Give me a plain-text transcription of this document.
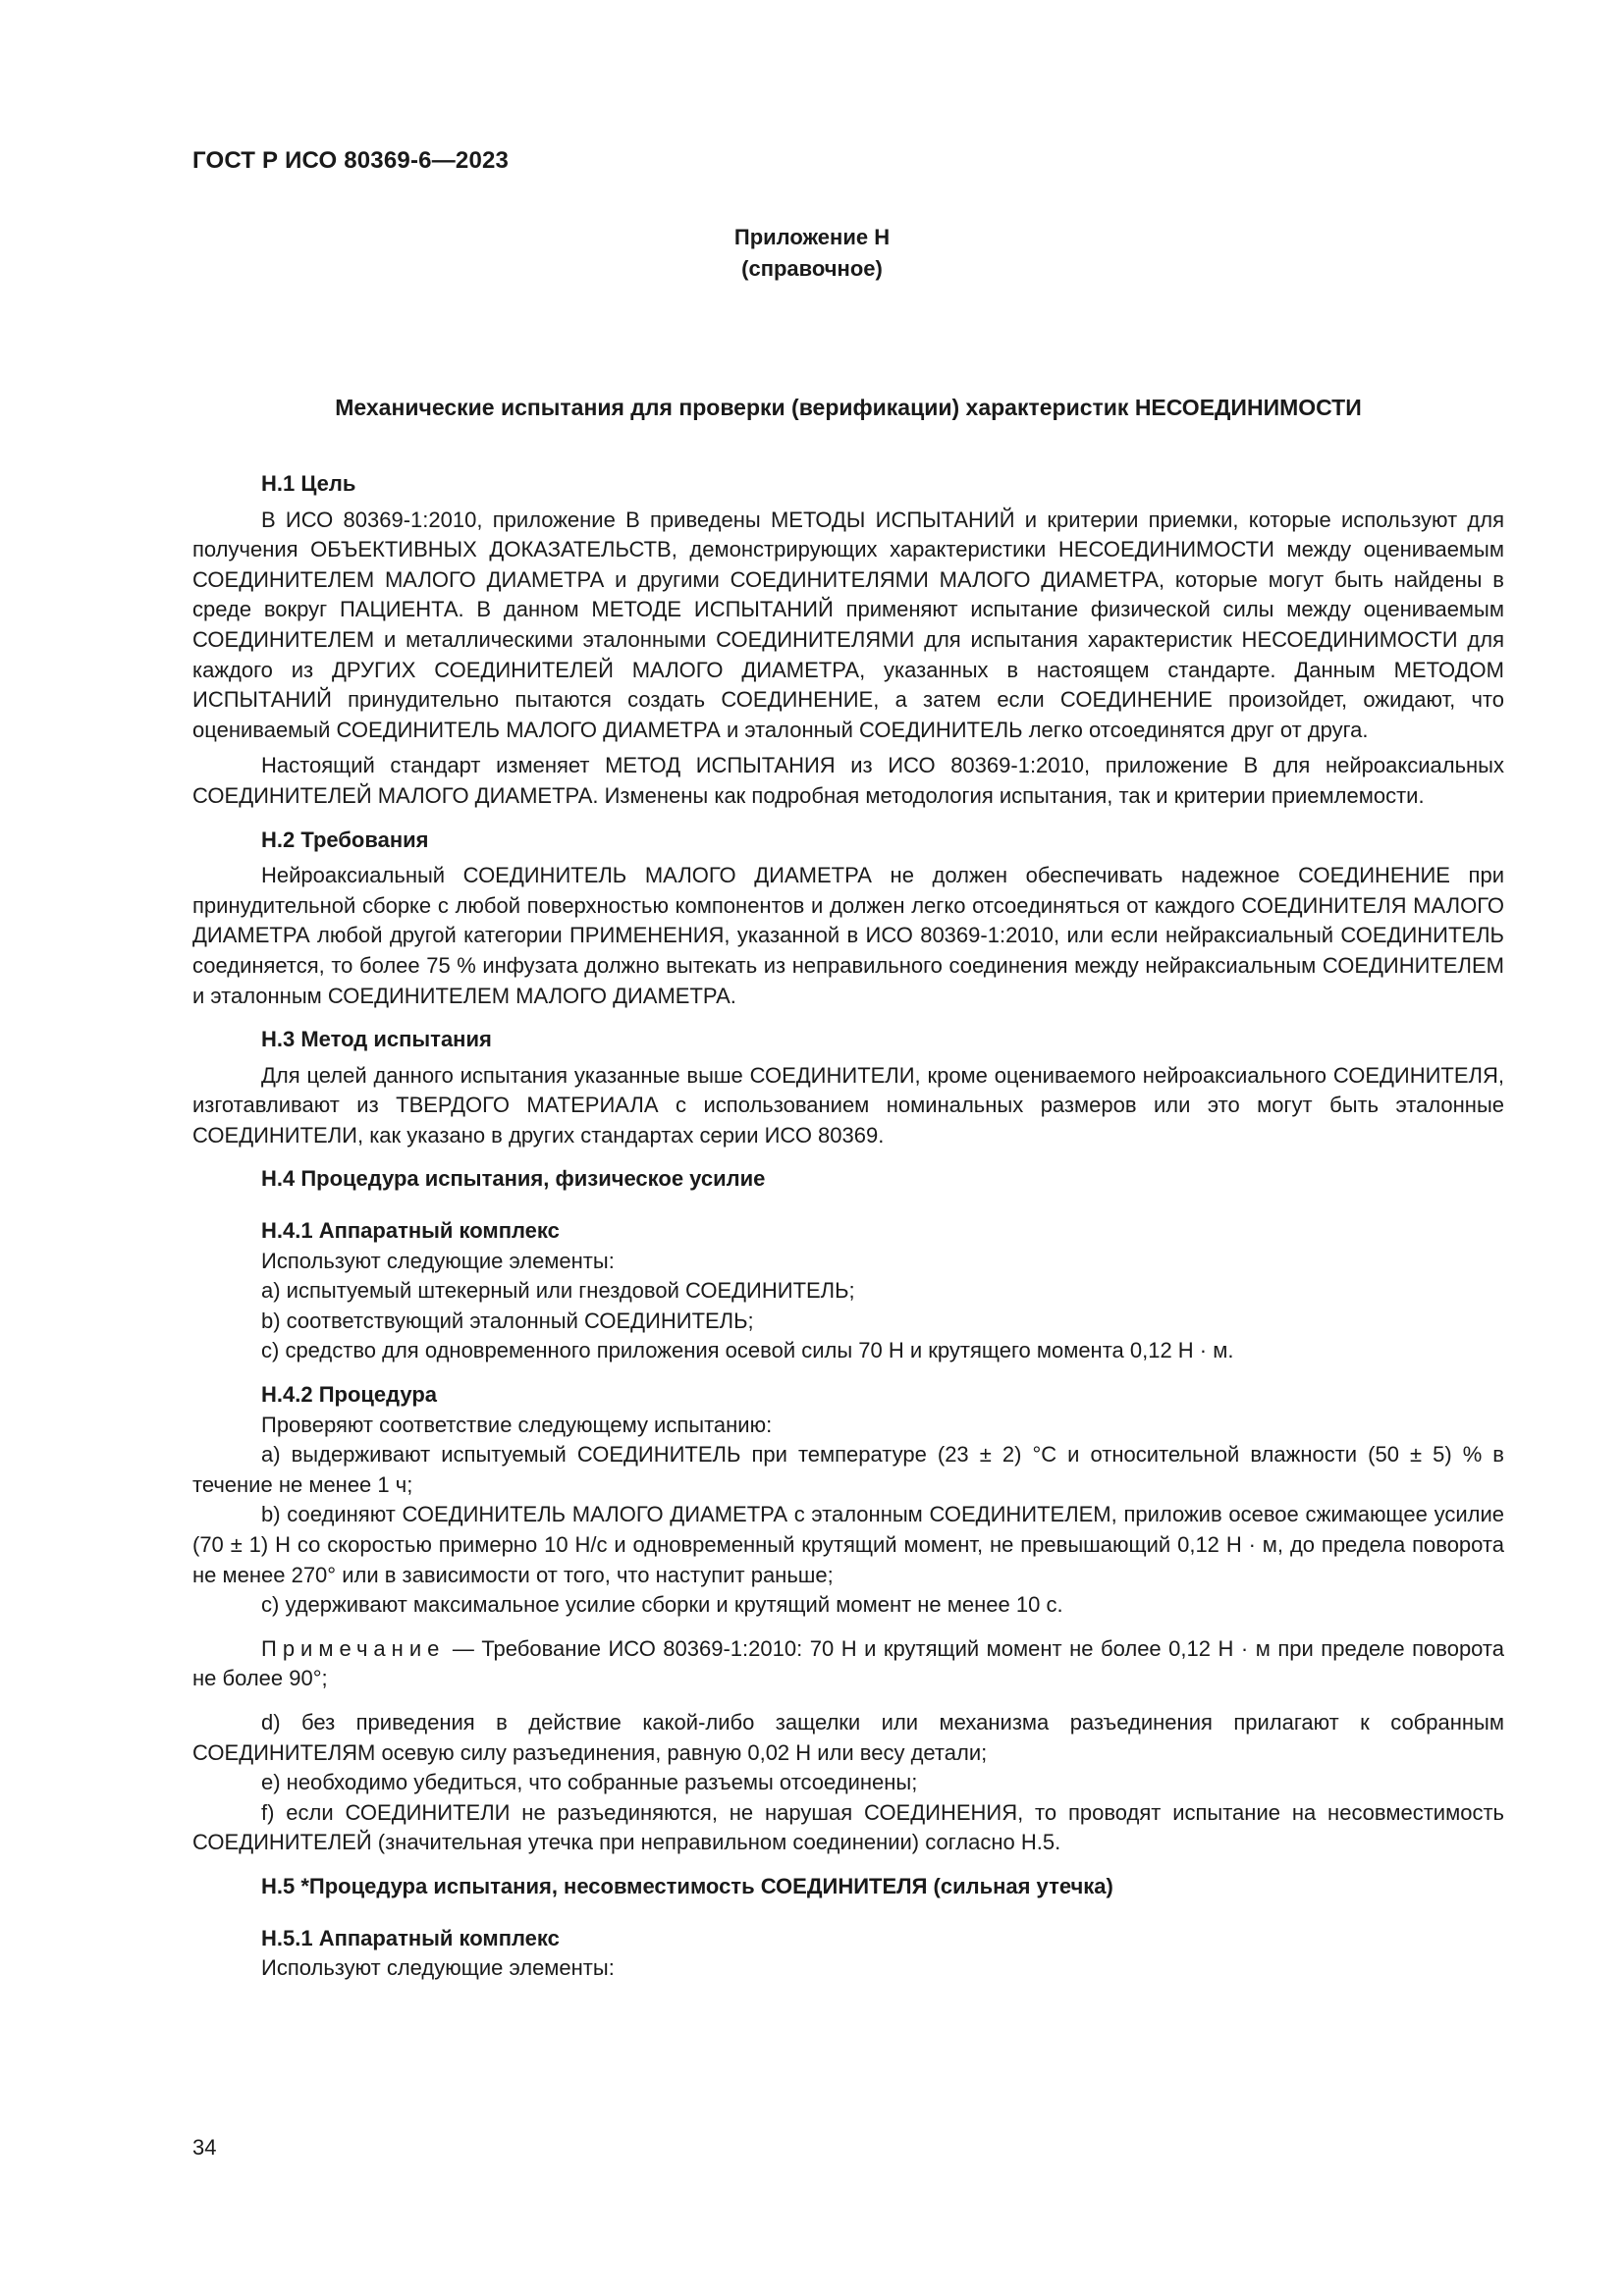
ГОСТ Р ИСО 80369-6—2023
Приложение Н
(справочное)
Механические испытания для проверки (верификации) характеристик НЕСОЕДИНИМОСТИ
Н.1 Цель

В ИСО 80369-1:2010, приложение В приведены МЕТОДЫ ИСПЫТАНИЙ и критерии приемки, которые используют для получения ОБЪЕКТИВНЫХ ДОКАЗАТЕЛЬСТВ, демонстрирующих характеристики НЕСОЕДИНИМОСТИ между оцениваемым СОЕДИНИТЕЛЕМ МАЛОГО ДИАМЕТРА и другими СОЕДИНИТЕЛЯМИ МАЛОГО ДИАМЕТРА, которые могут быть найдены в среде вокруг ПАЦИЕНТА. В данном МЕТОДЕ ИСПЫТАНИЙ применяют испытание физической силы между оцениваемым СОЕДИНИТЕЛЕМ и металлическими эталонными СОЕДИНИТЕЛЯМИ для испытания характеристик НЕСОЕДИНИМОСТИ для каждого из ДРУГИХ СОЕДИНИТЕЛЕЙ МАЛОГО ДИАМЕТРА, указанных в настоящем стандарте. Данным МЕТОДОМ ИСПЫТАНИЙ принудительно пытаются создать СОЕДИНЕНИЕ, а затем если СОЕДИНЕНИЕ произойдет, ожидают, что оцениваемый СОЕДИНИТЕЛЬ МАЛОГО ДИАМЕТРА и эталонный СОЕДИНИТЕЛЬ легко отсоединятся друг от друга.

Настоящий стандарт изменяет МЕТОД ИСПЫТАНИЯ из ИСО 80369-1:2010, приложение В для нейроаксиальных СОЕДИНИТЕЛЕЙ МАЛОГО ДИАМЕТРА. Изменены как подробная методология испытания, так и критерии приемлемости.

Н.2 Требования

Нейроаксиальный СОЕДИНИТЕЛЬ МАЛОГО ДИАМЕТРА не должен обеспечивать надежное СОЕДИНЕНИЕ при принудительной сборке с любой поверхностью компонентов и должен легко отсоединяться от каждого СОЕДИНИТЕЛЯ МАЛОГО ДИАМЕТРА любой другой категории ПРИМЕНЕНИЯ, указанной в ИСО 80369-1:2010, или если нейраксиальный СОЕДИНИТЕЛЬ соединяется, то более 75 % инфузата должно вытекать из неправильного соединения между нейраксиальным СОЕДИНИТЕЛЕМ и эталонным СОЕДИНИТЕЛЕМ МАЛОГО ДИАМЕТРА.

Н.3 Метод испытания

Для целей данного испытания указанные выше СОЕДИНИТЕЛИ, кроме оцениваемого нейроаксиального СОЕДИНИТЕЛЯ, изготавливают из ТВЕРДОГО МАТЕРИАЛА с использованием номинальных размеров или это могут быть эталонные СОЕДИНИТЕЛИ, как указано в других стандартах серии ИСО 80369.

Н.4 Процедура испытания, физическое усилие
Н.4.1 Аппаратный комплекс
Используют следующие элементы:
a) испытуемый штекерный или гнездовой СОЕДИНИТЕЛЬ;
b) соответствующий эталонный СОЕДИНИТЕЛЬ;
c) средство для одновременного приложения осевой силы 70 Н и крутящего момента 0,12 Н · м.
Н.4.2 Процедура
Проверяют соответствие следующему испытанию:

a) выдерживают испытуемый СОЕДИНИТЕЛЬ при температуре (23 ± 2) °С и относительной влажности (50 ± 5) % в течение не менее 1 ч;

b) соединяют СОЕДИНИТЕЛЬ МАЛОГО ДИАМЕТРА с эталонным СОЕДИНИТЕЛЕМ, приложив осевое сжимающее усилие (70 ± 1) Н со скоростью примерно 10 Н/с и одновременный крутящий момент, не превышающий 0,12 Н · м, до предела поворота не менее 270° или в зависимости от того, что наступит раньше;

c) удерживают максимальное усилие сборки и крутящий момент не менее 10 с.

Примечание — Требование ИСО 80369-1:2010: 70 Н и крутящий момент не более 0,12 Н · м при пределе поворота не более 90°;

d) без приведения в действие какой-либо защелки или механизма разъединения прилагают к собранным СОЕДИНИТЕЛЯМ осевую силу разъединения, равную 0,02 Н или весу детали;

e) необходимо убедиться, что собранные разъемы отсоединены;

f) если СОЕДИНИТЕЛИ не разъединяются, не нарушая СОЕДИНЕНИЯ, то проводят испытание на несовместимость СОЕДИНИТЕЛЕЙ (значительная утечка при неправильном соединении) согласно Н.5.

Н.5 *Процедура испытания, несовместимость СОЕДИНИТЕЛЯ (сильная утечка)
Н.5.1 Аппаратный комплекс
Используют следующие элементы:
34
